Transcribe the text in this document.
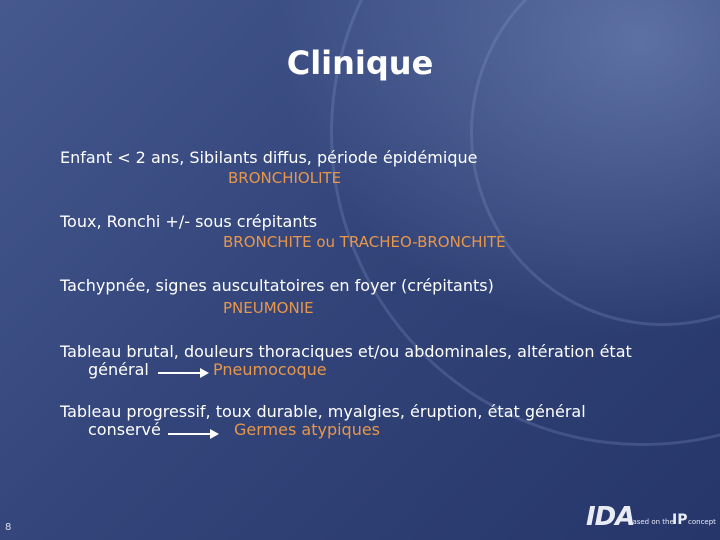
Clinique
Enfant < 2 ans, Sibilants diffus, période épidémique
BRONCHIOLITE
Toux, Ronchi +/- sous crépitants
BRONCHITE ou TRACHEO-BRONCHITE
Tachypnée, signes auscultatoires en foyer (crépitants)
PNEUMONIE
Tableau brutal, douleurs thoraciques et/ou abdominales, altération état
général	Pneumocoque
Tableau progressif, toux durable, myalgies, éruption, état général
conservé	Germes atypiques
8	IDA
based on the
IP concept
